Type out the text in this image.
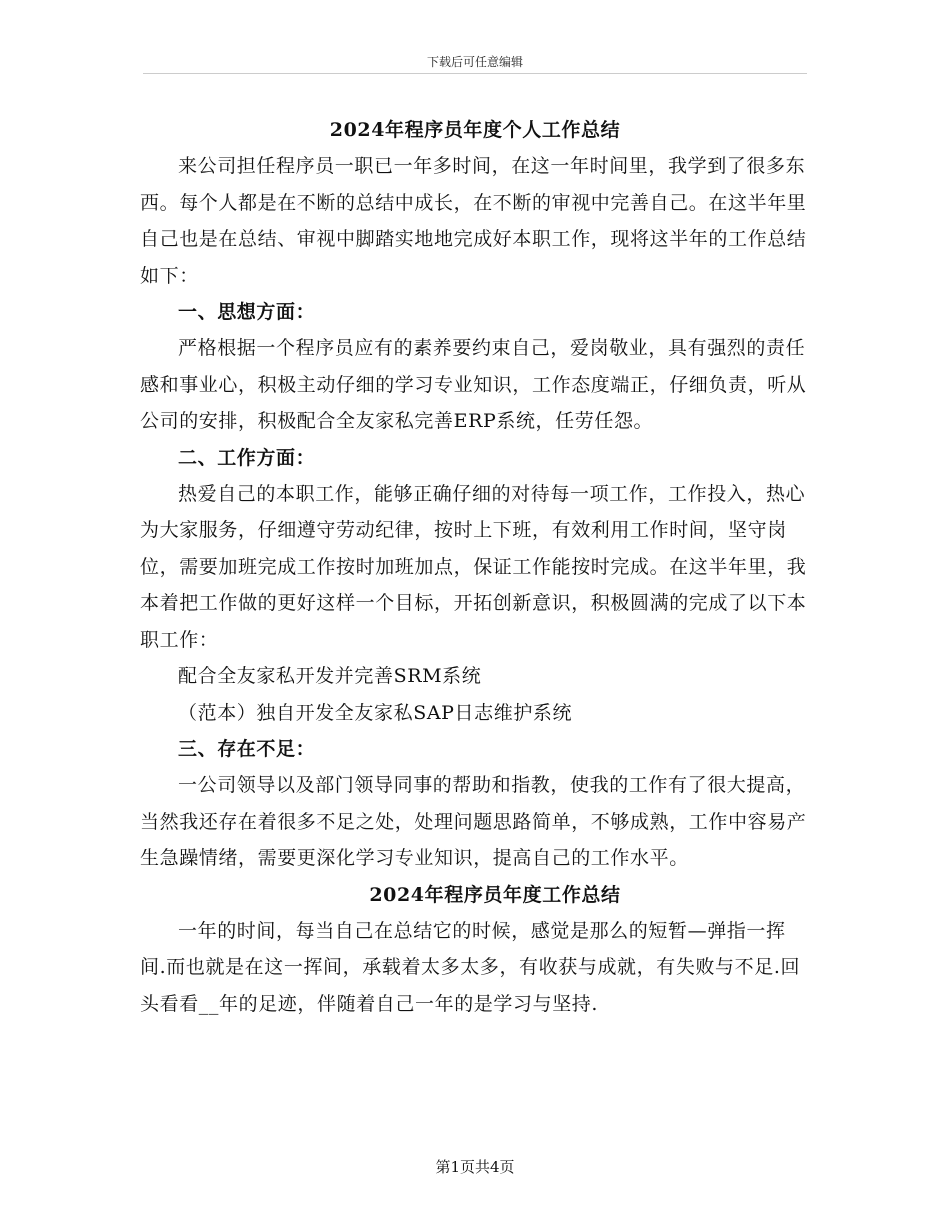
下载后可任意编辑

2024年程序员年度个人工作总结

来公司担任程序员一职已一年多时间，在这一年时间里，我学到了很多东西。每个人都是在不断的总结中成长，在不断的审视中完善自己。在这半年里自己也是在总结、审视中脚踏实地地完成好本职工作，现将这半年的工作总结如下：

一、思想方面：

严格根据一个程序员应有的素养要约束自己，爱岗敬业，具有强烈的责任感和事业心，积极主动仔细的学习专业知识，工作态度端正，仔细负责，听从公司的安排，积极配合全友家私完善ERP系统，任劳任怨。

二、工作方面：

热爱自己的本职工作，能够正确仔细的对待每一项工作，工作投入，热心为大家服务，仔细遵守劳动纪律，按时上下班，有效利用工作时间，坚守岗位，需要加班完成工作按时加班加点，保证工作能按时完成。在这半年里，我本着把工作做的更好这样一个目标，开拓创新意识，积极圆满的完成了以下本职工作：

配合全友家私开发并完善SRM系统

（范本）独自开发全友家私SAP日志维护系统

三、存在不足：

一公司领导以及部门领导同事的帮助和指教，使我的工作有了很大提高，当然我还存在着很多不足之处，处理问题思路简单，不够成熟，工作中容易产生急躁情绪，需要更深化学习专业知识，提高自己的工作水平。

2024年程序员年度工作总结

一年的时间，每当自己在总结它的时候，感觉是那么的短暂—弹指一挥间.而也就是在这一挥间，承载着太多太多，有收获与成就，有失败与不足.回头看看__年的足迹，伴随着自己一年的是学习与坚持.

第1页共4页
